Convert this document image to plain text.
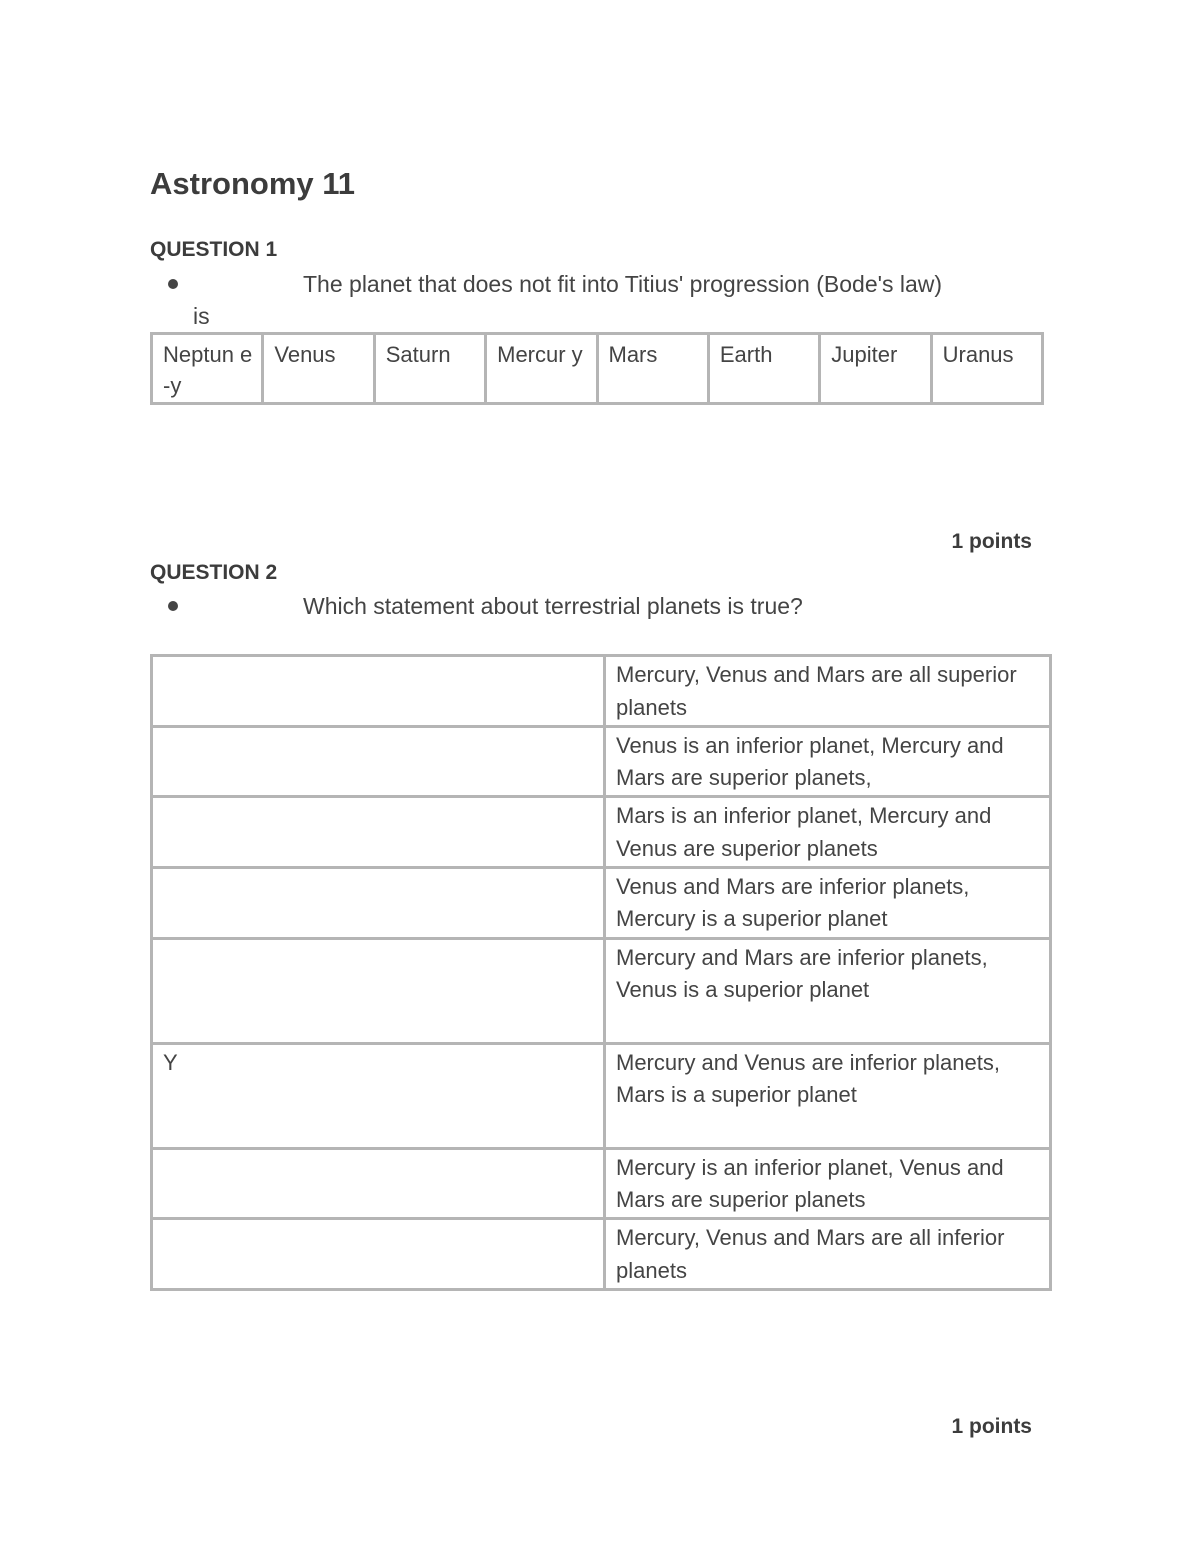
Astronomy 11
QUESTION 1
The planet that does not fit into Titius' progression (Bode's law)
is
Neptun e-y	Venus	Saturn	Mercur y	Mars	Earth	Jupiter	Uranus
1 points
QUESTION 2
Which statement about terrestrial planets is true?
	Mercury, Venus and Mars are all superior planets
	Venus is an inferior planet, Mercury and Mars are superior planets,
	Mars is an inferior planet, Mercury and Venus are superior planets
	Venus and Mars are inferior planets, Mercury is a superior planet
	Mercury and Mars are inferior planets, Venus is a superior planet
Y	Mercury and Venus are inferior planets, Mars is a superior planet
	Mercury is an inferior planet, Venus and Mars are superior planets
	Mercury, Venus and Mars are all inferior planets
1 points
